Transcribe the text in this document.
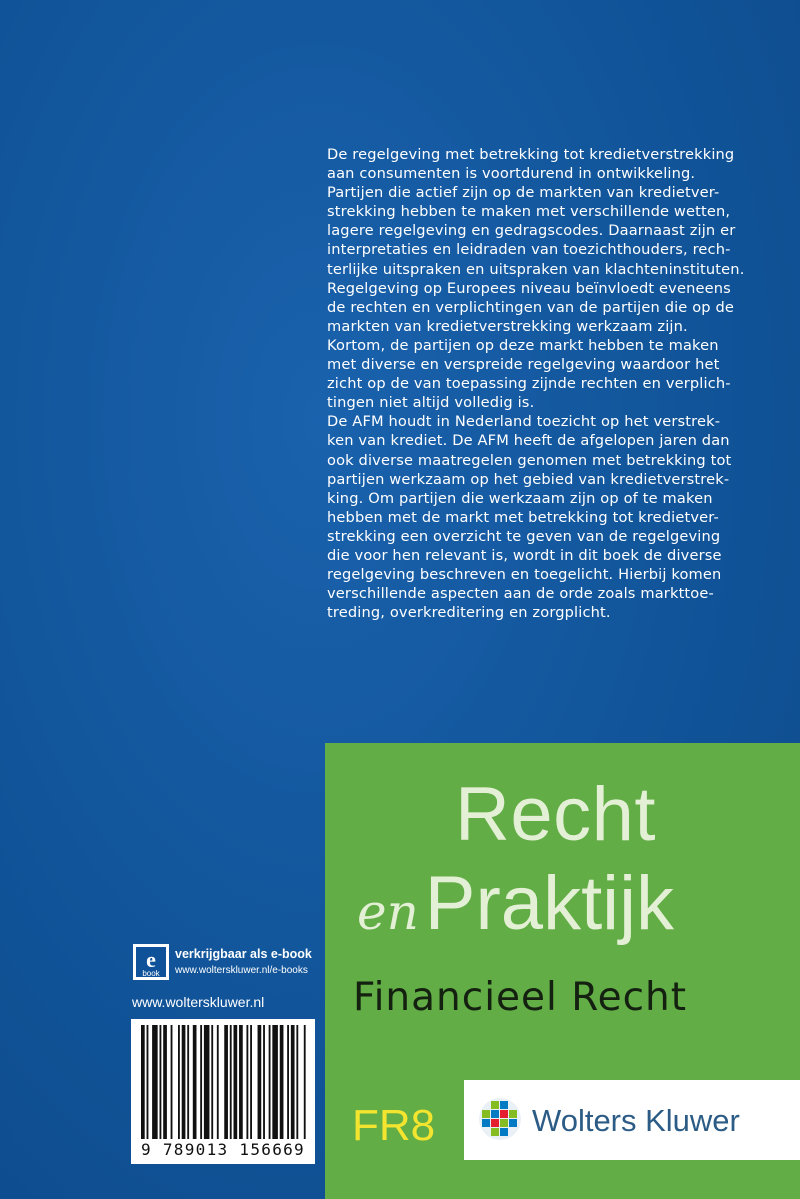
De regelgeving met betrekking tot kredietverstrekking

aan consumenten is voortdurend in ontwikkeling.

Partijen die actief zijn op de markten van kredietver-

strekking hebben te maken met verschillende wetten,

lagere regelgeving en gedragscodes. Daarnaast zijn er

interpretaties en leidraden van toezichthouders, rech-

terlijke uitspraken en uitspraken van klachteninstituten.

Regelgeving op Europees niveau beïnvloedt eveneens

de rechten en verplichtingen van de partijen die op de

markten van kredietverstrekking werkzaam zijn.

Kortom, de partijen op deze markt hebben te maken

met diverse en verspreide regelgeving waardoor het

zicht op de van toepassing zijnde rechten en verplich-

tingen niet altijd volledig is.

De AFM houdt in Nederland toezicht op het verstrek-

ken van krediet. De AFM heeft de afgelopen jaren dan

ook diverse maatregelen genomen met betrekking tot

partijen werkzaam op het gebied van kredietverstrek-

king. Om partijen die werkzaam zijn op of te maken

hebben met de markt met betrekking tot kredietver-

strekking een overzicht te geven van de regelgeving

die voor hen relevant is, wordt in dit boek de diverse

regelgeving beschreven en toegelicht. Hierbij komen

verschillende aspecten aan de orde zoals markttoe-

treding, overkreditering en zorgplicht.

e
book
verkrijgbaar als e-book
www.wolterskluwer.nl/e-books
www.wolterskluwer.nl
9 789013 156669
Recht
enPraktijk
Financieel Recht
FR8	Wolters Kluwer
